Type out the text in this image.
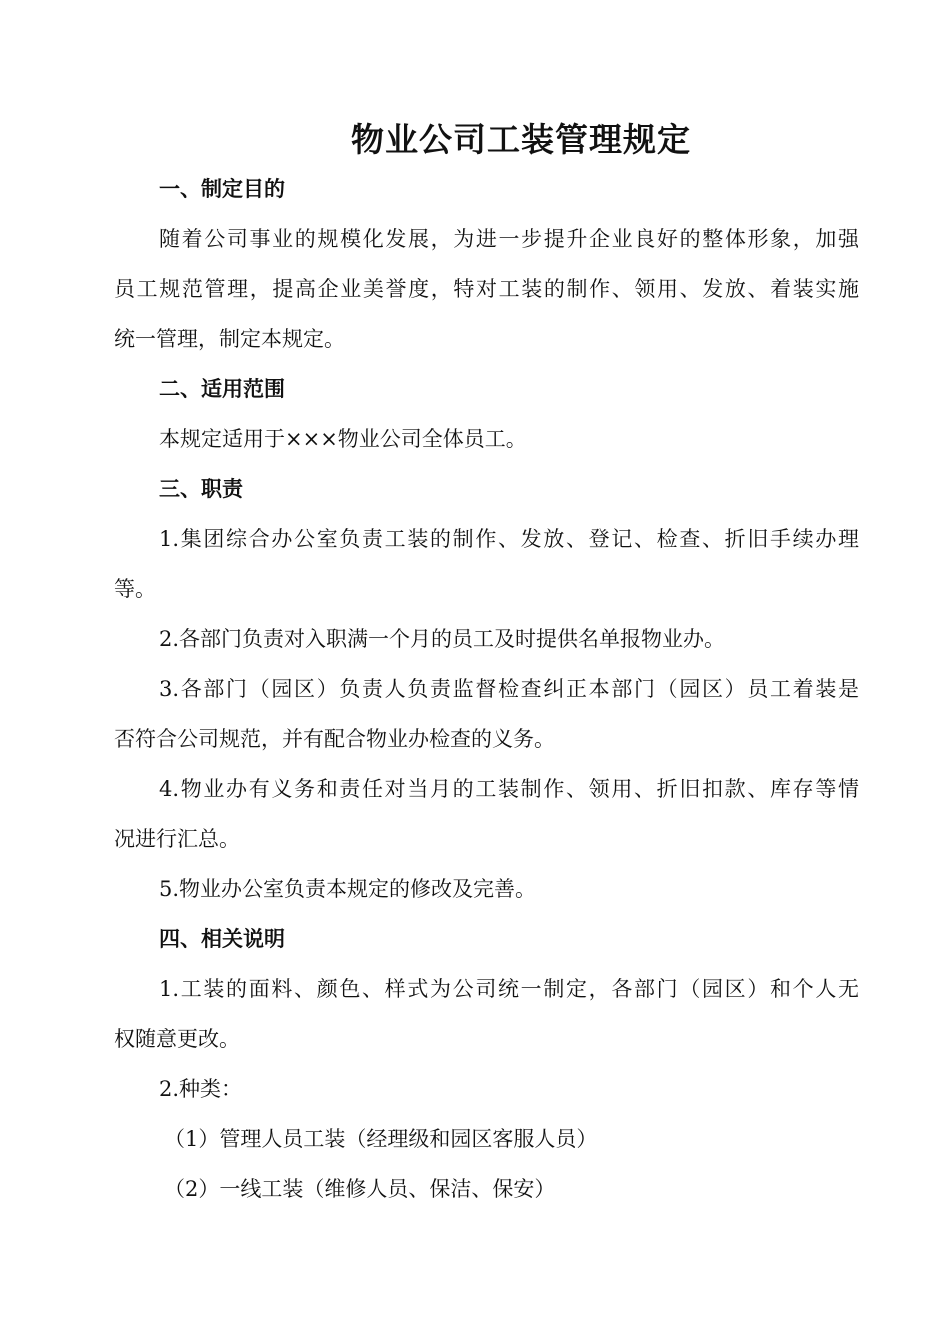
物业公司工装管理规定
一、制定目的
随着公司事业的规模化发展，为进一步提升企业良好的整体形象，加强
员工规范管理，提高企业美誉度，特对工装的制作、领用、发放、着装实施
统一管理，制定本规定。
二、适用范围
本规定适用于×××物业公司全体员工。
三、职责
1.集团综合办公室负责工装的制作、发放、登记、检查、折旧手续办理
等。
2.各部门负责对入职满一个月的员工及时提供名单报物业办。
3.各部门（园区）负责人负责监督检查纠正本部门（园区）员工着装是
否符合公司规范，并有配合物业办检查的义务。
4.物业办有义务和责任对当月的工装制作、领用、折旧扣款、库存等情
况进行汇总。
5.物业办公室负责本规定的修改及完善。
四、相关说明
1.工装的面料、颜色、样式为公司统一制定，各部门（园区）和个人无
权随意更改。
2.种类：
（1）管理人员工装（经理级和园区客服人员）
（2）一线工装（维修人员、保洁、保安）
